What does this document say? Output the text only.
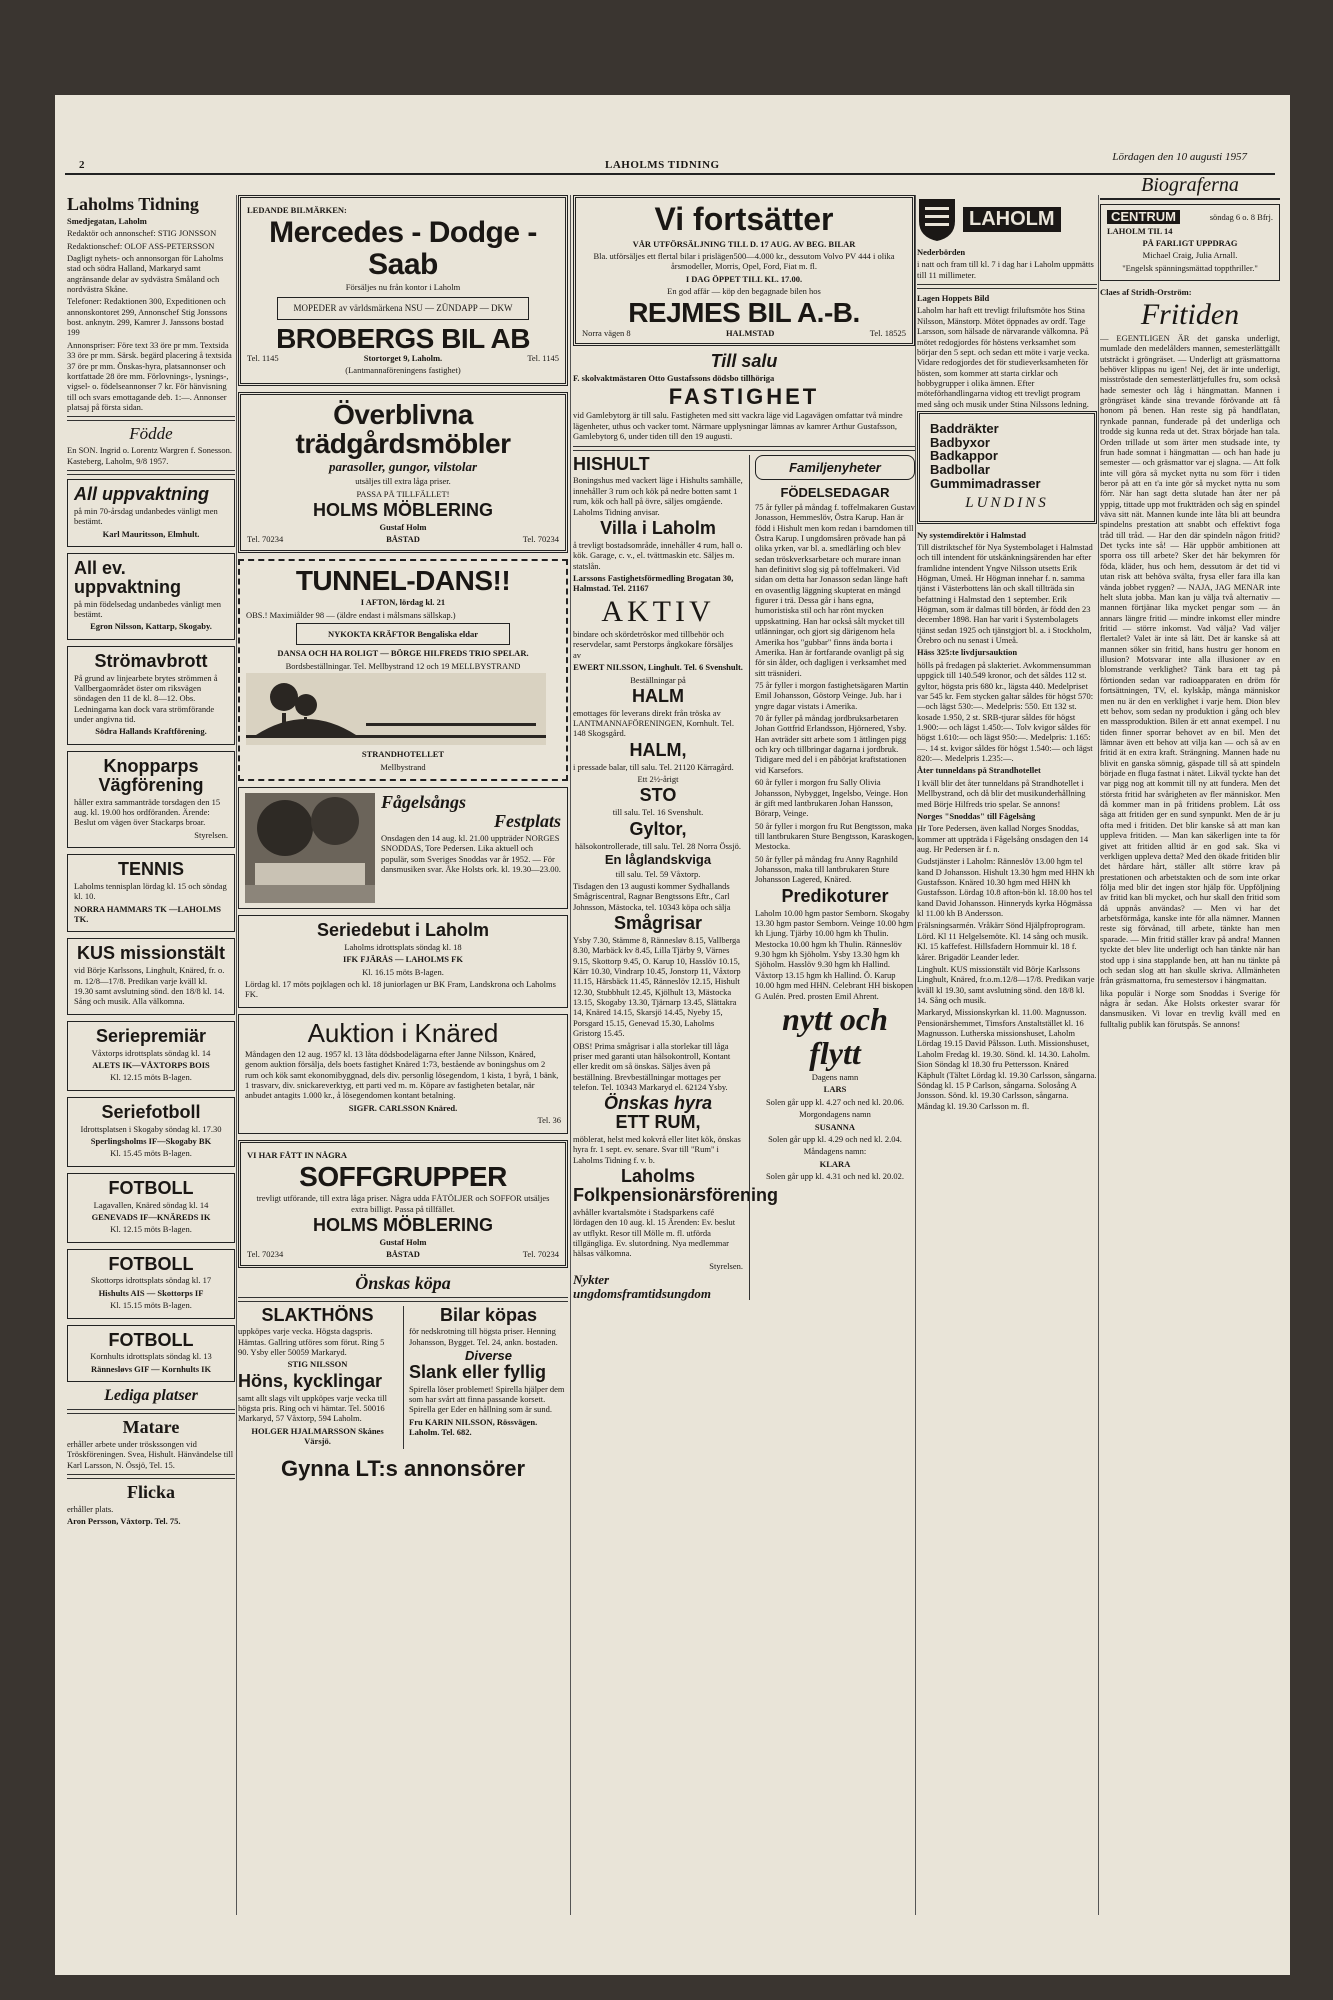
2	LAHOLMS TIDNING
Lördagen den 10 augusti 1957
Laholms Tidning

Smedjegatan, Laholm

Redaktör och annonschef: STIG JONSSON

Redaktionschef: OLOF ASS-PETERSSON

Dagligt nyhets- och annonsorgan för Laholms stad och södra Halland, Markaryd samt angränsande delar av sydvästra Småland och nordvästra Skåne.

Telefoner: Redaktionen 300, Expeditionen och annonskontoret 299, Annonschef Stig Jonssons bost. anknytn. 299, Kamrer J. Janssons bostad 199

Annonspriser: Före text 33 öre pr mm. Textsida 33 öre pr mm. Särsk. begärd placering å textsida 37 öre pr mm. Önskas-hyra, platsannonser och kortfattade 28 öre mm. Förlovnings-, lysnings-, vigsel- o. födelseannonser 7 kr. För hänvisning till och svars emottagande deb. 1:—. Annonser platsaj på första sidan.

Födde

En SON. Ingrid o. Lorentz Wargren f. Sonesson. Kasteberg, Laholm, 9/8 1957.

All uppvaktning

på min 70-årsdag undanbedes vänligt men bestämt.

Karl Mauritsson, Elmhult.

All ev. uppvaktning

på min födelsedag undanbedes vänligt men bestämt.

Egron Nilsson, Kattarp, Skogaby.

Strömavbrott

På grund av linjearbete brytes strömmen å Vallbergaområdet öster om riksvägen söndagen den 11 de kl. 8—12. Obs. Ledningarna kan dock vara strömförande under angivna tid.

Södra Hallands Kraftförening.

Knopparps Vägförening

håller extra sammanträde torsdagen den 15 aug. kl. 19.00 hos ordföranden. Ärende: Beslut om vägen över Stackarps broar.

Styrelsen.

TENNIS

Laholms tennisplan lördag kl. 15 och söndag kl. 10.

NORRA HAMMARS TK —LAHOLMS TK.

KUS missionstält

vid Börje Karlssons, Linghult, Knäred, fr. o. m. 12/8—17/8. Predikan varje kväll kl. 19.30 samt avslutning sönd. den 18/8 kl. 14. Sång och musik. Alla välkomna.

Seriepremiär

Våxtorps idrottsplats söndag kl. 14

ALETS IK—VÅXTORPS BOIS

Kl. 12.15 möts B-lagen.

Seriefotboll

Idrottsplatsen i Skogaby söndag kl. 17.30

Sperlingsholms IF—Skogaby BK

Kl. 15.45 möts B-lagen.

FOTBOLL

Lagavallen, Knäred söndag kl. 14

GENEVADS IF—KNÄREDS IK

Kl. 12.15 möts B-lagen.

FOTBOLL

Skottorps idrottsplats söndag kl. 17

Hishults AIS — Skottorps IF

Kl. 15.15 möts B-lagen.

FOTBOLL

Kornhults idrottsplats söndag kl. 13

Rännesløvs GIF — Kornhults IK

Lediga platser
Matare

erhåller arbete under tröskssongen vid Tröskföreningen. Svea, Hishult. Hänvändelse till Karl Larsson, N. Össjö, Tel. 15.

Flicka

erhåller plats.

Aron Persson, Våxtorp. Tel. 75.

LEDANDE BILMÄRKEN:

Mercedes - Dodge - Saab

Försäljes nu från kontor i Laholm

MOPEDER av världsmärkena NSU — ZÜNDAPP — DKW
BROBERGS BIL AB
Tel. 1145	Stortorget 9, Laholm.	Tel. 1145

(Lantmannaföreningens fastighet)

Överblivna trädgårdsmöbler
parasoller, gungor, vilstolar

utsäljes till extra låga priser.

PASSA PÅ TILLFÄLLET!

HOLMS MÖBLERING

Gustaf Holm

Tel. 70234	BÅSTAD	Tel. 70234
TUNNEL-DANS!!

I AFTON, lördag kl. 21

OBS.! Maximiålder 98 — (äldre endast i målsmans sällskap.)

NYKOKTA KRÄFTOR Bengaliska eldar

DANSA OCH HA ROLIGT — BÖRGE HILFREDS TRIO SPELAR.

Bordsbeställningar. Tel. Mellbystrand 12 och 19 MELLBYSTRAND

STRANDHOTELLET

Mellbystrand

Fågelsångs
Festplats

Onsdagen den 14 aug. kl. 21.00 uppträder NORGES SNODDAS, Tore Pedersen. Lika aktuell och populär, som Sveriges Snoddas var år 1952. — För dansmusiken svar. Åke Holsts ork. kl. 19.30—23.00.

Seriedebut i Laholm

Laholms idrottsplats söndag kl. 18

IFK FJÄRÅS — LAHOLMS FK

Kl. 16.15 möts B-lagen.

Lördag kl. 17 möts pojklagen och kl. 18 juniorlagen ur BK Fram, Landskrona och Laholms FK.

Auktion i Knäred

Måndagen den 12 aug. 1957 kl. 13 låta dödsbodelägarna efter Janne Nilsson, Knäred, genom auktion försälja, dels boets fastighet Knäred 1:73, bestående av boningshus om 2 rum och kök samt ekonomibyggnad, dels div. personlig lösegendom, 1 kista, 1 byrå, 1 bänk, 1 trasvarv, div. snickareverktyg, ett parti ved m. m. Köpare av fastigheten betalar, när anbudet antagits 1.000 kr., å lösegendomen kontant betalning.

SIGFR. CARLSSON Knäred.

Tel. 36

VI HAR FÅTT IN NÅGRA

SOFFGRUPPER

trevligt utförande, till extra låga priser. Några udda FÅTÖLJER och SOFFOR utsäljes extra billigt. Passa på tillfället.

HOLMS MÖBLERING

Gustaf Holm

Tel. 70234	BÅSTAD	Tel. 70234
Önskas köpa
SLAKTHÖNS

uppköpes varje vecka. Högsta dagspris. Hämtas. Gallring utföres som förut. Ring 5 90. Ysby eller 50059 Markaryd.

STIG NILSSON

Höns, kycklingar

samt allt slags vilt uppköpes varje vecka till högsta pris. Ring och vi hämtar. Tel. 50016 Markaryd, 57 Våxtorp, 594 Laholm.

HOLGER HJALMARSSON Skånes Värsjö.

Bilar köpas

för nedskrotning till högsta priser. Henning Johansson, Bygget. Tel. 24, ankn. bostaden.

Diverse
Slank eller fyllig

Spirella löser problemet! Spirella hjälper dem som har svårt att finna passande korsett. Spirella ger Eder en hållning som är sund.

Fru KARIN NILSSON, Rössvägen. Laholm. Tel. 682.

Gynna LT:s annonsörer
Vi fortsätter

VÅR UTFÖRSÄLJNING TILL D. 17 AUG. AV BEG. BILAR

Bla. utförsäljes ett flertal bilar i prislägen500—4.000 kr., dessutom Volvo PV 444 i olika årsmodeller, Morris, Opel, Ford, Fiat m. fl.

I DAG ÖPPET TILL KL. 17.00.

En god affär — köp den begagnade bilen hos

REJMES BIL A.-B.
Norra vägen 8	HALMSTAD	Tel. 18525
Till salu

F. skolvaktmästaren Otto Gustafssons dödsbo tillhöriga

FASTIGHET

vid Gamlebytorg är till salu. Fastigheten med sitt vackra läge vid Lagavägen omfattar två mindre lägenheter, uthus och vacker tomt. Närmare upplysningar lämnas av kamrer Arthur Gustafsson, Gamlebytorg 6, under tiden till den 19 augusti.

HISHULT

Boningshus med vackert läge i Hishults samhälle, innehåller 3 rum och kök på nedre botten samt 1 rum, kök och hall på övre, säljes omgående. Laholms Tidning anvisar.

Villa i Laholm

å trevligt bostadsområde, innehåller 4 rum, hall o. kök. Garage, c. v., el. tvättmaskin etc. Säljes m. statslån.

Larssons Fastighetsförmedling Brogatan 30, Halmstad. Tel. 21167

AKTIV

bindare och skördetröskor med tillbehör och reservdelar, samt Perstorps ångkokare försäljes av

EWERT NILSSON, Linghult. Tel. 6 Svenshult.

Beställningar på

HALM

emottages för leverans direkt från tröska av LANTMANNAFÖRENINGEN, Kornhult. Tel. 148 Skogsgård.

HALM,

i pressade balar, till salu. Tel. 21120 Kärragård.

Ett 2½-årigt

STO

till salu. Tel. 16 Svenshult.

Gyltor,

hälsokontrollerade, till salu. Tel. 28 Norra Össjö.

En låglandskviga

till salu. Tel. 59 Våxtorp.

Tisdagen den 13 augusti kommer Sydhallands Smågriscentral, Ragnar Bengtssons Eftr., Carl Johnsson, Mästocka, tel. 10343 köpa och sälja

Smågrisar

Ysby 7.30, Stämme 8, Rännesløv 8.15, Vallberga 8.30, Marbäck kv 8.45, Lilla Tjärby 9, Värnes 9.15, Skottorp 9.45, O. Karup 10, Hasslöv 10.15, Kärr 10.30, Vindrarp 10.45, Jonstorp 11, Våxtorp 11.15, Härsbäck 11.45, Ränneslöv 12.15, Hishult 12.30, Stubbhult 12.45, Kjölhult 13, Mästocka 13.15, Skogaby 13.30, Tjärnarp 13.45, Slättakra 14, Knäred 14.15, Skarsjö 14.45, Nyeby 15, Porsgard 15.15, Genevad 15.30, Laholms Gristorg 15.45.

OBS! Prima smågrisar i alla storlekar till låga priser med garanti utan hälsokontroll, Kontant eller kredit om så önskas. Säljes även på beställning. Brevbeställningar mottages per telefon. Tel. 10343 Markaryd el. 62124 Ysby.

Önskas hyra
ETT RUM,

möblerat, helst med kokvrå eller litet kök, önskas hyra fr. 1 sept. ev. senare. Svar till "Rum" i Laholms Tidning f. v. b.

Laholms Folkpensionärsförening

avhåller kvartalsmöte i Stadsparkens café lördagen den 10 aug. kl. 15 Ärenden: Ev. beslut av utflykt. Resor till Mölle m. fl. utförda tillgängliga. Ev. slutordning. Nya medlemmar hälsas välkomna.

Styrelsen.

Nykter ungdomsframtidsungdom
Familjenyheter
FÖDELSEDAGAR

75 år fyller på måndag f. toffelmakaren Gustav Jonasson, Hemmeslöv, Östra Karup. Han är född i Hishult men kom redan i barndomen till Östra Karup. I ungdomsåren prövade han på olika yrken, var bl. a. smedlärling och blev sedan tröskverksarbetare och murare innan han definitivt slog sig på toffelmakeri. Vid sidan om detta har Jonasson sedan länge haft en ovasentlig läggning skupterat en mängd figurer i trä. Dessa går i hans egna, humoristiska stil och har rönt mycken uppskattning. Han har också sålt mycket till utlänningar, och gjort sig därigenom hela Amerika hos "gubbar" finns ända borta i Amerika. Han är fortfarande ovanligt på sig för sin ålder, och dagligen i verksamhet med sitt träsnideri.

75 år fyller i morgon fastighetsägaren Martin Emil Johansson, Göstorp Veinge. Jub. har i yngre dagar vistats i Amerika.

70 år fyller på måndag jordbruksarbetaren Johan Gottfrid Erlandsson, Hjörnered, Ysby. Han avträder sitt arbete som 1 ättlingen pigg och kry och tillbringar dagarna i jordbruk. Tidigare med del i en påbörjat kraftstationen vid Karsefors.

60 år fyller i morgon fru Sally Olivia Johansson, Nybygget, Ingelsbo, Veinge. Hon är gift med lantbrukaren Johan Hansson, Börarp, Veinge.

50 år fyller i morgon fru Rut Bengtsson, maka till lantbrukaren Sture Bengtsson, Karaskogen, Mestocka.

50 år fyller på måndag fru Anny Ragnhild Johansson, maka till lantbrukaren Sture Johansson Lagered, Knäred.

Predikoturer

Laholm 10.00 hgm pastor Semborn. Skogaby 13.30 hgm pastor Semborn. Veinge 10.00 hgm kh Ljung. Tjärby 10.00 hgm kh Thulin. Mestocka 10.00 hgm kh Thulin. Ränneslöv 9.30 hgm kh Sjöholm. Ysby 13.30 hgm kh Sjöholm. Hasslöv 9.30 hgm kh Hallind. Våxtorp 13.15 hgm kh Hallind. Ö. Karup 10.00 hgm med HHN. Celebrant HH biskopen G Aulén. Pred. prosten Emil Ahrent.

nytt och flytt

Dagens namn

LARS

Solen går upp kl. 4.27 och ned kl. 20.06.

Morgondagens namn

SUSANNA

Solen går upp kl. 4.29 och ned kl. 2.04.

Måndagens namn:

KLARA

Solen går upp kl. 4.31 och ned kl. 20.02.

LAHOLM

Nederbörden

i natt och fram till kl. 7 i dag har i Laholm uppmätts till 11 millimeter.

Lagen Hoppets Bild

Laholm har haft ett trevligt friluftsmöte hos Stina Nilsson, Mänstorp. Mötet öppnades av ordf. Tage Larsson, som hälsade de närvarande välkomna. På mötet redogjordes för höstens verksamhet som börjar den 5 sept. och sedan ett möte i varje vecka. Vidare redogjordes det för studieverksamheten för hösten, som kommer att starta cirklar och hobbygrupper i olika ämnen. Efter möteförhandlingarna vidtog ett trevligt program med sång och musik under Stina Nilssons ledning.

Baddräkter
Badbyxor
Badkappor
Badbollar
Gummimadrasser
LUNDINS

Ny systemdirektör i Halmstad

Till distriktschef för Nya Systembolaget i Halmstad och till intendent för utskänkningsärenden har efter framlidne intendent Yngve Nilsson utsetts Erik Högman, Umeå. Hr Högman innehar f. n. samma tjänst i Västerbottens län och skall tillträda sin befattning i Halmstad den 1 september. Erik Högman, som är dalmas till börden, är född den 23 december 1898. Han har varit i Systembolagets tjänst sedan 1925 och tjänstgjort bl. a. i Stockholm, Örebro och nu senast i Umeå.

Häss 325:te livdjursauktion

hölls på fredagen på slakteriet. Avkommensumman uppgick till 140.549 kronor, och det såldes 112 st. gyltor, högsta pris 680 kr., lägsta 440. Medelpriset var 545 kr. Fem stycken galtar såldes för högst 570:—och lägst 530:—. Medelpris: 550. Ett 132 st. kosade 1.950, 2 st. SRB-tjurar såldes för högst 1.900:— och lägst 1.450:—. Tolv kvigor såldes för högst 1.610:— och lägst 950:—. Medelpris: 1.165:—. 14 st. kvigor såldes för högst 1.540:— och lägst 820:—. Medelpris 1.235:—.

Åter tunneldans på Strandhotellet

I kväll blir det åter tunneldans på Strandhotellet i Mellbystrand, och då blir det musikunderhållning med Börje Hilfreds trio spelar. Se annons!

Norges "Snoddas" till Fågelsång

Hr Tore Pedersen, även kallad Norges Snoddas, kommer att uppträda i Fågelsång onsdagen den 14 aug. Hr Pedersen är f. n.

Gudstjänster i Laholm: Ränneslöv 13.00 hgm tel kand D Johansson. Hishult 13.30 hgm med HHN kh Gustafsson. Knäred 10.30 hgm med HHN kh Gustafsson. Lördag 10.8 afton-bön kl. 18.00 hos tel kand David Johansson. Hinneryds kyrka Högmässa kl 11.00 kh B Andersson.

Frälsningsarmén. Vråkärr Sönd Hjälpfroprogram. Lörd. Kl 11 Helgelsemöte. Kl. 14 sång och musik. Kl. 15 kaffefest. Hillsfadern Hornmuir kl. 18 f. kårer. Brigadör Leander leder.

Linghult. KUS missionstält vid Börje Karlssons Linghult, Knäred, fr.o.m.12/8—17/8. Predikan varje kväll kl 19.30, samt avslutning sönd. den 18/8 kl. 14. Sång och musik.

Markaryd, Missionskyrkan kl. 11.00. Magnusson. Pensionärshemmet, Timsfors Anstaltstället kl. 16 Magnusson. Lutherska missionshuset, Laholm Lördag 19.15 David Pålsson. Luth. Missionshuset, Laholm Fredag kl. 19.30. Sönd. kl. 14.30. Laholm. Sion Söndag kl 18.30 fru Pettersson. Knäred Käphult (Tältet Lördag kl. 19.30 Carlsson, sångarna. Söndag kl. 15 P Carlson, sångarna. Solosång A Jonsson. Sönd. kl. 19.30 Carlsson, sångarna. Måndag kl. 19.30 Carlsson m. fl.

Biograferna
CENTRUM	söndag 6 o. 8 Bfrj.

LAHOLM TIL 14

PÅ FARLIGT UPPDRAG

Michael Craig, Julia Arnall.

"Engelsk spänningsmättad toppthriller."

Claes af Stridh-Orström:

Fritiden

— EGENTLIGEN ÄR det ganska underligt, mumlade den medelålders mannen, semesterlättgällt utsträckt i gröngräset. — Underligt att gräsmattorna behöver klippas nu igen! Nej, det är inte underligt, misströstade den semesterlättjefulles fru, som också hade semester och låg i hängmattan. Mannen i gröngräset kände sina trevande förövande att få honom på benen. Han reste sig på handflatan, rynkade pannan, funderade på det underliga och trodde sig kunna reda ut det. Strax började han tala. Orden trillade ut som ärter men studsade inte, ty frun hade somnat i hängmattan — och han hade ju semester — och gräsmattor var ej slagna. — Att folk inte vill göra så mycket nytta nu som förr i tiden beror på att en t'a inte gör så mycket nytta nu som förr. När han sagt detta slutade han åter ner på yppig, tittade upp mot fruktträden och såg en spindel väva sitt nät. Mannen kunde inte låta bli att beundra spindelns prestation att snabbt och effektivt foga tråd till tråd. — Har den där spindeln någon fritid? Det tycks inte så! — Här uppbör ambitionen att sporra oss till arbete? Sker det här bekymren för föda, kläder, hus och hem, dessutom är det tid vi utan risk att behöva svälta, frysa eller fara illa kan vända jobbet ryggen? — NAJA, JAG MENAR inte helt sluta jobba. Man kan ju välja två alternativ — mannen förtjänar lika mycket pengar som — än annars längre fritid — mindre inkomst eller mindre fritid — större inkomst. Vad välja? Vad väljer flertalet? Valet är inte så lätt. Det är kanske så att mannen söker sin fritid, hans hustru ger honom en illusion? Motsvarar inte alla illusioner av en blomstrande verklighet? Tänk bara ett tag på förtionden sedan var radioapparaten en dröm för fortsättningen, TV, el. kylskåp, många människor men nu är den en verklighet i varje hem. Dion blev ett behov, som sedan ny produktion i gång och blev en massproduktion. Bilen är ett annat exempel. I nu tiden finner sporrar behovet av en bil. Men det lämnar även ett behov att vilja kan — och så av en fritid ät en extra kraft. Strängning. Mannen hade nu blivit en ganska sömnig, gäspade till så att spindeln började en fluga fastnat i nätet. Likväl tyckte han det var pigg nog att kommit till ny att fundera. Men det största fritid har svårigheten av fler människor. Men då kommer man in på fritidens problem. Låt oss säga att fritiden ger en sund synpunkt. Men de är ju ofta med i fritiden. Det blir kanske så att man kan uppleva fritiden. — Man kan säkerligen inte ta för givet att fritiden alltid är en god sak. Ska vi verkligen uppleva detta? Med den ökade fritiden blir det hårdare hårt, ställer allt större krav på prestationen och arbetstakten och de som inte orkar följa med blir det ingen stor hjälp för. Uppföljning av fritid kan bli mycket, och hur skall den fritid som då uppnås användas? — Men vi har det arbetsförmåga, kanske inte för alla nämner. Mannen reste sig förvånad, till arbete, tänkte han men sparade. — Min fritid ställer krav på andra! Mannen tyckte det blev lite underligt och han tänkte när han stod upp i sina stapplande ben, att han nu tänkte på och sedan slog att han skulle skriva. Allmänheten från gräsmattorna, fru semestersov i hängmattan.

lika populär i Norge som Snoddas i Sverige för några år sedan. Åke Holsts orkester svarar för dansmusiken. Vi lovar en trevlig kväll med en fulltalig publik kan förutspås. Se annons!
